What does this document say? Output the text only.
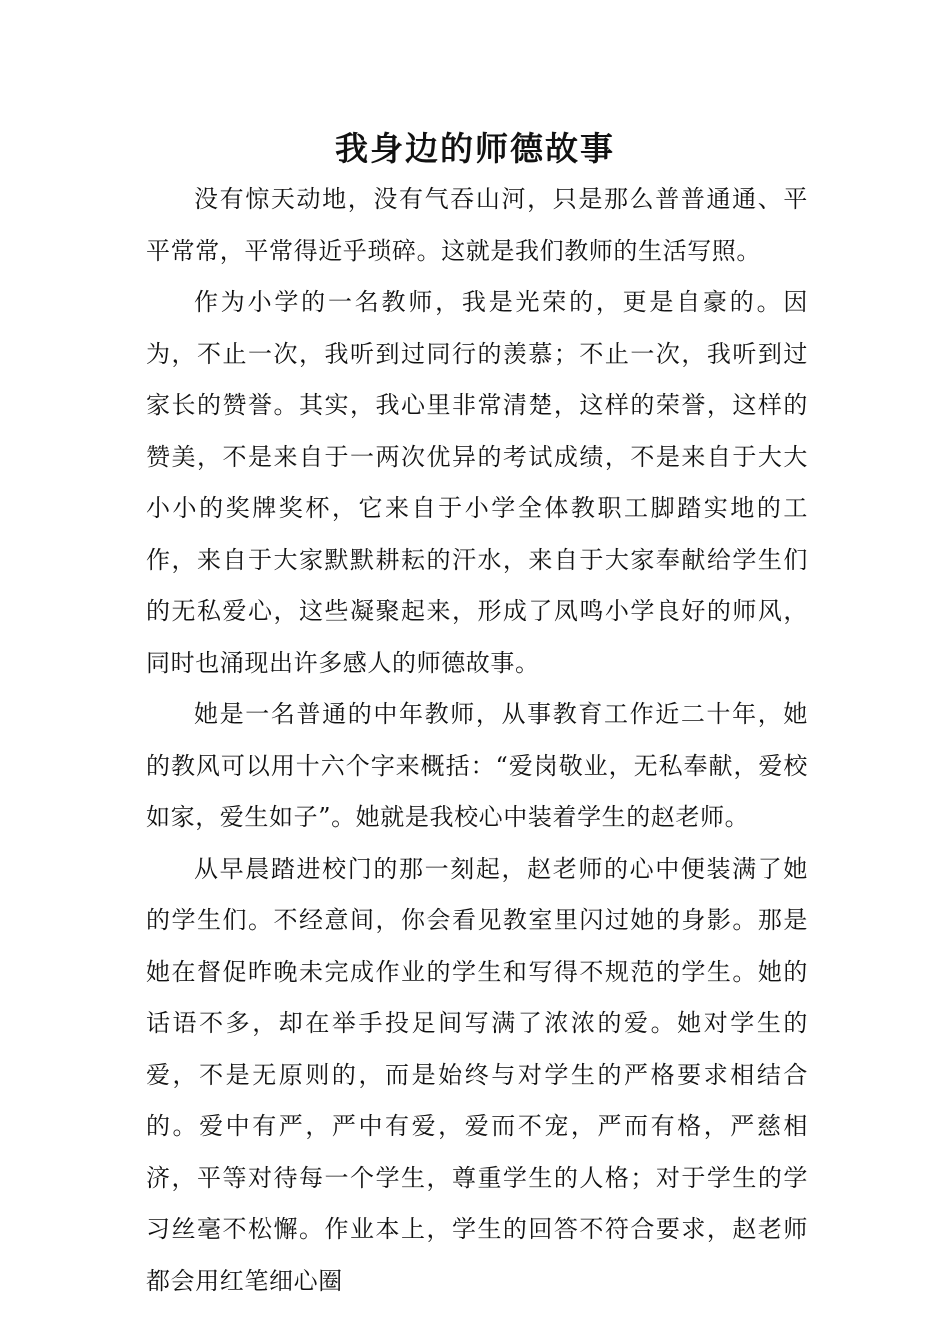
我身边的师德故事

没有惊天动地，没有气吞山河，只是那么普普通通、平平常常，平常得近乎琐碎。这就是我们教师的生活写照。

作为小学的一名教师，我是光荣的，更是自豪的。因为，不止一次，我听到过同行的羡慕；不止一次，我听到过家长的赞誉。其实，我心里非常清楚，这样的荣誉，这样的赞美，不是来自于一两次优异的考试成绩，不是来自于大大小小的奖牌奖杯，它来自于小学全体教职工脚踏实地的工作，来自于大家默默耕耘的汗水，来自于大家奉献给学生们的无私爱心，这些凝聚起来，形成了凤鸣小学良好的师风，同时也涌现出许多感人的师德故事。

她是一名普通的中年教师，从事教育工作近二十年，她的教风可以用十六个字来概括：“爱岗敬业，无私奉献，爱校如家，爱生如子”。她就是我校心中装着学生的赵老师。

从早晨踏进校门的那一刻起，赵老师的心中便装满了她的学生们。不经意间，你会看见教室里闪过她的身影。那是她在督促昨晚未完成作业的学生和写得不规范的学生。她的话语不多，却在举手投足间写满了浓浓的爱。她对学生的爱，不是无原则的，而是始终与对学生的严格要求相结合的。爱中有严，严中有爱，爱而不宠，严而有格，严慈相济，平等对待每一个学生，尊重学生的人格；对于学生的学习丝毫不松懈。作业本上，学生的回答不符合要求，赵老师都会用红笔细心圈
